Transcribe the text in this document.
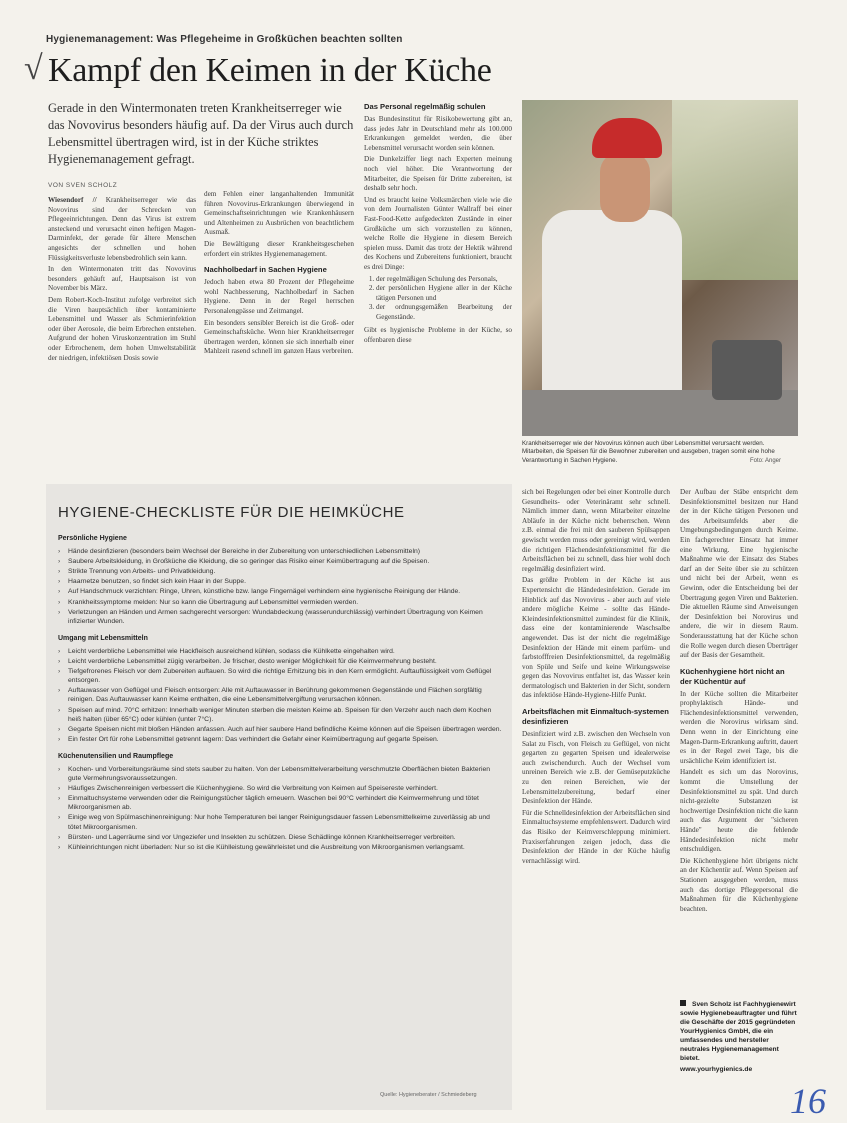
Hygienemanagement: Was Pflegeheime in Großküchen beachten sollten
√ Kampf den Keimen in der Küche
Gerade in den Wintermonaten treten Krankheitserreger wie das Novovirus besonders häufig auf. Da der Virus auch durch Lebensmittel übertragen wird, ist in der Küche striktes Hygienemanagement gefragt.
VON SVEN SCHOLZ

Wiesendorf // Krankheitserreger wie das Novovirus sind der Schrecken von Pflegeeinrichtungen. Denn das Virus ist extrem ansteckend und verursacht einen heftigen Magen-Darminfekt, der gerade für ältere Menschen angesichts der schnellen und hohen Flüssigkeitsverluste lebensbedrohlich sein kann.

In den Wintermonaten tritt das Novovirus besonders gehäuft auf, Hauptsaison ist von November bis März.

Dem Robert-Koch-Institut zufolge verbreitet sich die Viren hauptsächlich über kontaminierte Lebensmittel und Wasser als Schmierinfektion oder über Aerosole, die beim Erbrechen entstehen. Aufgrund der hohen Viruskonzentration im Stuhl oder Erbrochenem, dem hohen Umweltstabilität der niedrigen, infektiösen Dosis sowie

dem Fehlen einer langanhaltenden Immunität führen Novovirus-Erkrankungen überwiegend in Gemeinschaftseinrichtungen wie Krankenhäusern und Altenheimen zu Ausbrüchen von beachtlichem Ausmaß.

Die Bewältigung dieser Krankheitsgeschehen erfordert ein striktes Hygienemanagement.

Nachholbedarf in Sachen Hygiene

Jedoch haben etwa 80 Prozent der Pflegeheime wohl Nachbesserung, Nachholbedarf in Sachen Hygiene. Denn in der Regel herrschen Personalengpässe und Zeitmangel.

Ein besonders sensibler Bereich ist die Groß- oder Gemeinschaftsküche. Wenn hier Krankheitserreger übertragen werden, können sie sich innerhalb einer Mahlzeit rasend schnell im ganzen Haus verbreiten.

Das Personal regelmäßig schulen

Das Bundesinstitut für Risikobewertung gibt an, dass jedes Jahr in Deutschland mehr als 100.000 Erkrankungen gemeldet werden, die über Lebensmittel verursacht worden sein können.

Die Dunkelziffer liegt nach Experten meinung noch viel höher. Die Verantwortung der Mitarbeiter, die Speisen für Dritte zubereiten, ist deshalb sehr hoch.

Und es braucht keine Volksmärchen viele wie die von dem Journalisten Günter Wallraff bei einer Fast-Food-Kette aufgedeckten Zustände in einer Großküche um sich vorzustellen zu können, welche Rolle die Hygiene in diesem Bereich spielen muss. Damit das trotz der Hektik während des Kochens und Zubereitens funktioniert, braucht es drei Dinge:

1. der regelmäßigen Schulung des Personals,
2. der persönlichen Hygiene aller in der Küche tätigen Personen und
3. der ordnungsgemäßen Bearbeitung der Gegenstände.

Gibt es hygienische Probleme in der Küche, so offenbaren diese

Krankheitserreger wie der Novovirus können auch über Lebensmittel verursacht werden. Mitarbeiten, die Speisen für die Bewohner zubereiten und ausgeben, tragen somit eine hohe Verantwortung in Sachen Hygiene.	Foto: Anger
HYGIENE-CHECKLISTE FÜR DIE HEIMKÜCHE
Persönliche Hygiene
› Hände desinfizieren (besonders beim Wechsel der Bereiche in der Zubereitung von unterschiedlichen Lebensmitteln)
› Saubere Arbeitskleidung, in Großküche die Kleidung, die so geringer das Risiko einer Keimübertragung auf die Speisen.
› Strikte Trennung von Arbeits- und Privatkleidung.
› Haarnetze benutzen, so findet sich kein Haar in der Suppe.
› Auf Handschmuck verzichten: Ringe, Uhren, künstliche bzw. lange Fingernägel verhindern eine hygienische Reinigung der Hände.
› Krankheitssymptome melden: Nur so kann die Übertragung auf Lebensmittel vermieden werden.
› Verletzungen an Händen und Armen sachgerecht versorgen: Wundabdeckung (wasserundurchlässig) verhindert Übertragung von Keimen infizierter Wunden.
Umgang mit Lebensmitteln
› Leicht verderbliche Lebensmittel wie Hackfleisch ausreichend kühlen, sodass die Kühlkette eingehalten wird.
› Leicht verderbliche Lebensmittel zügig verarbeiten. Je frischer, desto weniger Möglichkeit für die Keimvermehrung besteht.
› Tiefgefrorenes Fleisch vor dem Zubereiten auftauen. So wird die richtige Erhitzung bis in den Kern ermöglicht. Auftauflüssigkeit vom Geflügel entsorgen.
› Auftauwasser von Geflügel und Fleisch entsorgen: Alle mit Auftauwasser in Berührung gekommenen Gegenstände und Flächen sorgfältig reinigen. Das Auftauwasser kann Keime enthalten, die eine Lebensmittelvergiftung verursachen können.
› Speisen auf mind. 70°C erhitzen: Innerhalb weniger Minuten sterben die meisten Keime ab. Speisen für den Verzehr auch nach dem Kochen heiß halten (über 65°C) oder kühlen (unter 7°C).
› Gegarte Speisen nicht mit bloßen Händen anfassen. Auch auf hier saubere Hand befindliche Keime können auf die Speisen übertragen werden.
› Ein fester Ort für rohe Lebensmittel getrennt lagern: Das verhindert die Gefahr einer Keimübertragung auf gegarte Speisen.
Küchenutensilien und Raumpflege
› Kochen- und Vorbereitungsräume sind stets sauber zu halten. Von der Lebensmittelverarbeitung verschmutzte Oberflächen bieten Bakterien gute Vermehrungsvoraussetzungen.
› Häufiges Zwischenreinigen verbessert die Küchenhygiene. So wird die Verbreitung von Keimen auf Speisereste verhindert.
› Einmaltuchsysteme verwenden oder die Reinigungstücher täglich erneuern. Waschen bei 90°C verhindert die Keimvermehrung und tötet Mikroorganismen ab.
› Einige weg von Spülmaschinenreinigung: Nur hohe Temperaturen bei langer Reinigungsdauer fassen Lebensmittelkeime zuverlässig ab und tötet Mikroorganismen.
› Bürsten- und Lagerräume sind vor Ungeziefer und Insekten zu schützen. Diese Schädlinge können Krankheitserreger verbreiten.
› Kühleinrichtungen nicht überladen: Nur so ist die Kühlleistung gewährleistet und die Ausbreitung von Mikroorganismen verlangsamt.
Quelle: Hygieneberater / Schmiedeberg

sich bei Regelungen oder bei einer Kontrolle durch Gesundheits- oder Veterinäramt sehr schnell. Nämlich immer dann, wenn Mitarbeiter einzelne Abläufe in der Küche nicht beherrschen. Wenn z.B. einmal die frei mit den sauberen Spülsappen gewischt werden muss oder gereinigt wird, werden die richtigen Flächendesinfektionsmittel für die Arbeitsflächen bei zu schnell, dass hier wohl doch regelmäßig desinfiziert wird.

Das größte Problem in der Küche ist aus Expertensicht die Händedesinfektion. Gerade im Hinblick auf das Novovirus - aber auch auf viele andere mögliche Keime - sollte das Hände-Kleindesinfektionsmittel zumindest für die Klinik, dass eine der kontaminierende Waschsalbe angewendet. Das ist der nicht die regelmäßige Desinfektion der Hände mit einem parfüm- und farbstofffreien Desinfektionsmittel, da regelmäßig von Spüle und Seife und keine Wirkungsweise gegen das Novovirus entfaltet ist, das Wasser kein dermatologisch und Bakterien in der Sicht, sondern das infektiöse Hände-Hygiene-Hilfe Punkt.

Arbeitsflächen mit Einmaltuch-systemen desinfizieren

Desinfiziert wird z.B. zwischen den Wechseln von Salat zu Fisch, von Fleisch zu Geflügel, von nicht gegarten zu gegarten Speisen und idealerweise auch zwischendurch. Auch der Wechsel vom unreinen Bereich wie z.B. der Gemüseputzküche zu den reinen Bereichen, wie der Lebensmittelzubereitung, bedarf einer Desinfektion der Hände.

Für die Schnelldesinfektion der Arbeitsflächen sind Einmaltuchsysteme empfehlenswert. Dadurch wird das Risiko der Keimverschleppung minimiert. Praxiserfahrungen zeigen jedoch, dass die Desinfektion der Hände in der Küche häufig vernachlässigt wird.

Der Aufbau der Stäbe entspricht dem Desinfektionsmittel besitzen nur Hand der in der Küche tätigen Personen und des Arbeitsumfelds aber die Umgebungsbedingungen durch Keime. Ein fachgerechter Einsatz hat immer eine Wirkung. Eine hygienische Maßnahme wie der Einsatz des Stabes darf an der Seite über sie zu schützen und nicht bei der Arbeit, wenn es Gewinn, oder die Entscheidung bei der Übertragung gegen Viren und Bakterien. Die aktuellen Räume sind Anweisungen der Desinfektion bei Norovirus und andere, die wir in diesem Raum. Sonderausstattung hat der Küche schon die Rolle wegen durch diesen Überträger auf der Basis der Gesamtheit.

Küchenhygiene hört nicht an der Küchentür auf

In der Küche sollten die Mitarbeiter prophylaktisch Hände- und Flächendesinfektionsmittel verwenden, werden die Norovirus wirksam sind. Denn wenn in der Einrichtung eine Magen-Darm-Erkrankung auftritt, dauert es in der Regel zwei Tage, bis die ursächliche Keim identifiziert ist.

Handelt es sich um das Norovirus, kommt die Umstellung der Desinfektionsmittel zu spät. Und durch nicht-gezielte Substanzen ist hochwertige Desinfektion nicht die kann auch das Argument der "sicheren Hände" heute die fehlende Händedesinfektion nicht mehr entschuldigen.

Die Küchenhygiene hört übrigens nicht an der Küchentür auf. Wenn Speisen auf Stationen ausgegeben werden, muss auch das dortige Pflegepersonal die Maßnahmen für die Küchenhygiene beachten.

Sven Scholz ist Fachhygienewirt sowie Hygienebeauftragter und führt die Geschäfte der 2015 gegründeten YourHygienics GmbH, die ein umfassendes und hersteller neutrales Hygienemanagement bietet.
www.yourhygienics.de
16
